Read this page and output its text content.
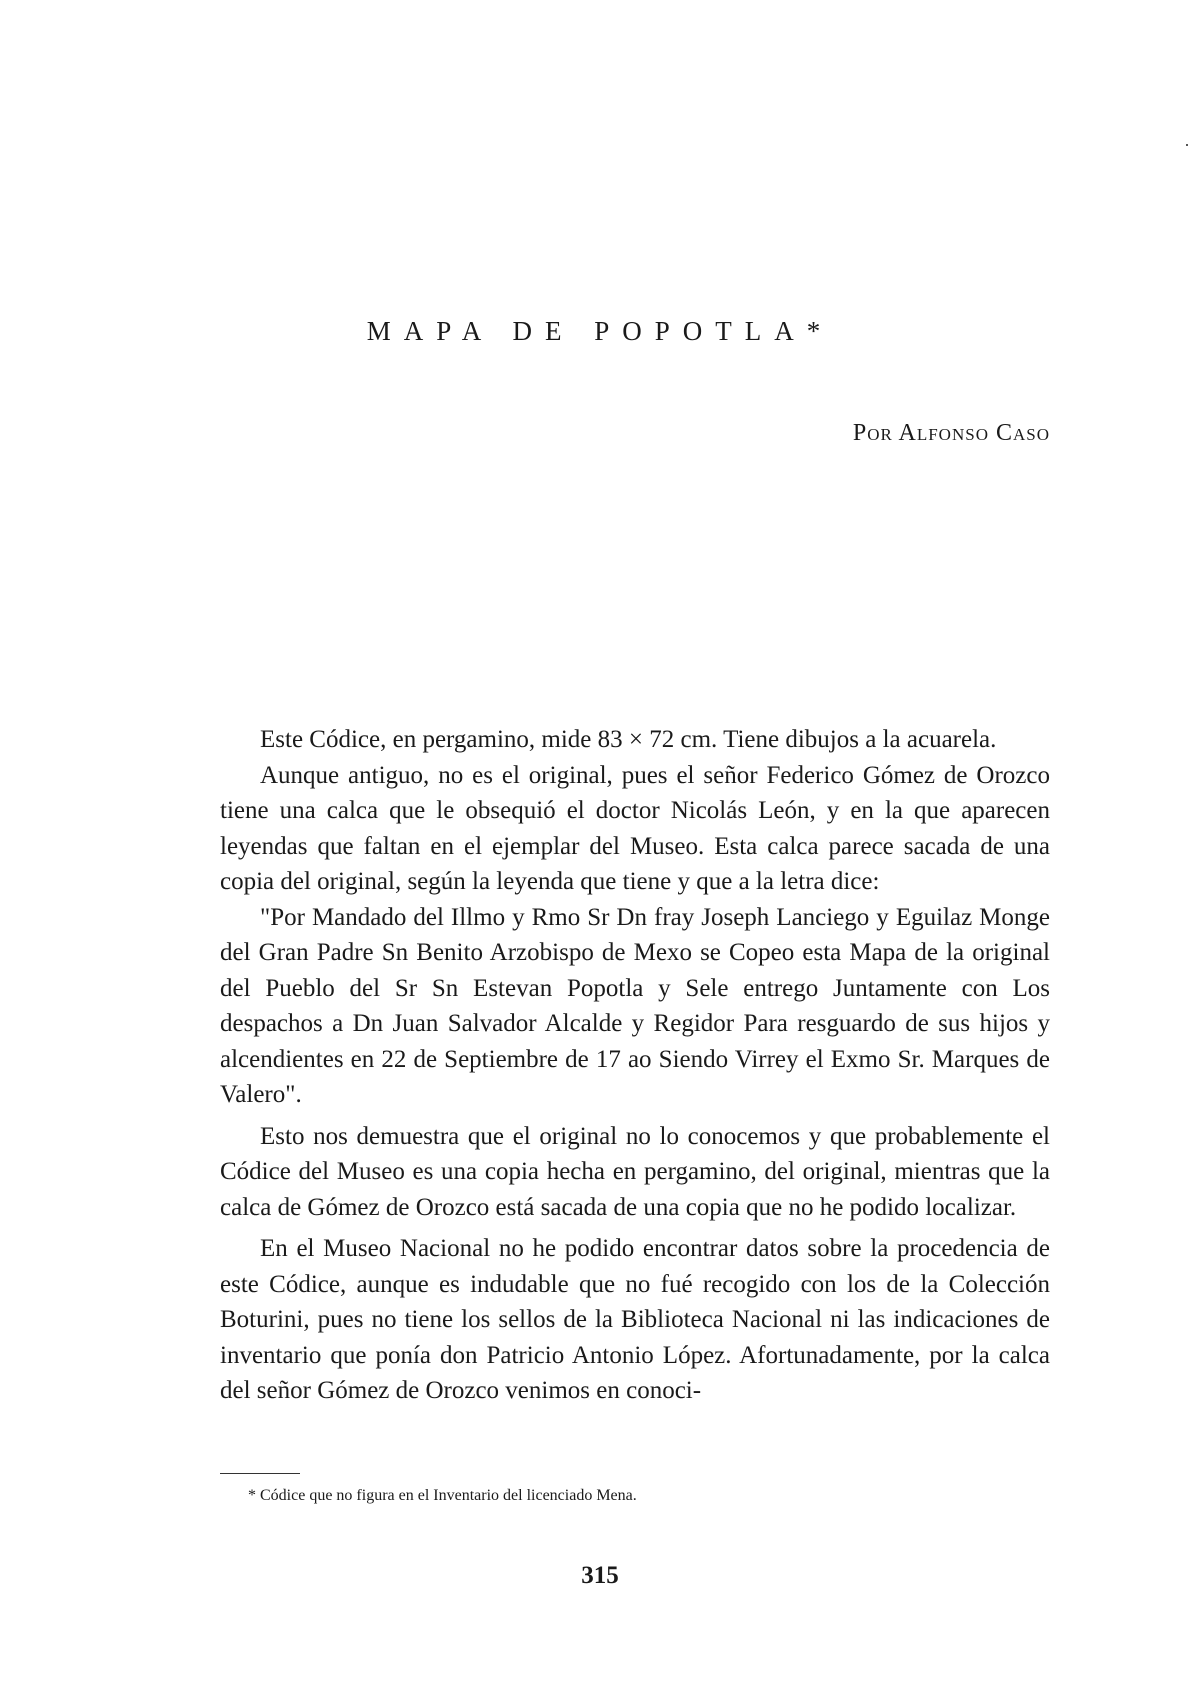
MAPA DE POPOTLA*

Por Alfonso Caso

Este Códice, en pergamino, mide 83 × 72 cm. Tiene dibujos a la acuarela.

Aunque antiguo, no es el original, pues el señor Federico Gómez de Orozco tiene una calca que le obsequió el doctor Nicolás León, y en la que aparecen leyendas que faltan en el ejemplar del Museo. Esta calca parece sacada de una copia del original, según la leyenda que tiene y que a la letra dice:

"Por Mandado del Illmo y Rmo Sr Dn fray Joseph Lanciego y Eguilaz Monge del Gran Padre Sn Benito Arzobispo de Mexo se Copeo esta Mapa de la original del Pueblo del Sr Sn Estevan Popotla y Sele entrego Juntamente con Los despachos a Dn Juan Salvador Alcalde y Regidor Para resguardo de sus hijos y alcendientes en 22 de Septiembre de 17 ao Siendo Virrey el Exmo Sr. Marques de Valero".

Esto nos demuestra que el original no lo conocemos y que probablemente el Códice del Museo es una copia hecha en pergamino, del original, mientras que la calca de Gómez de Orozco está sacada de una copia que no he podido localizar.

En el Museo Nacional no he podido encontrar datos sobre la procedencia de este Códice, aunque es indudable que no fué recogido con los de la Colección Boturini, pues no tiene los sellos de la Biblioteca Nacional ni las indicaciones de inventario que ponía don Patricio Antonio López. Afortunadamente, por la calca del señor Gómez de Orozco venimos en conoci-

* Códice que no figura en el Inventario del licenciado Mena.

315
